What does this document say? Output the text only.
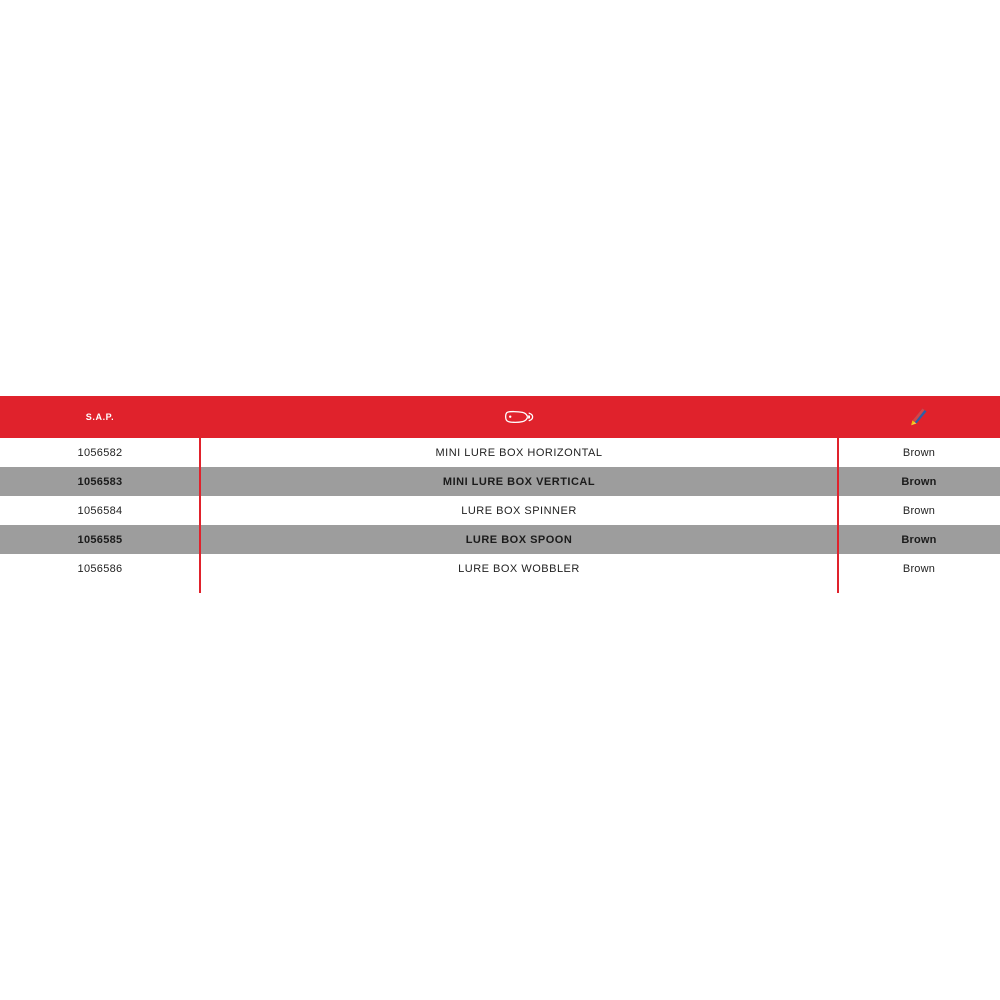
S.A.P.
1056582	MINI LURE BOX HORIZONTAL	Brown
1056583	MINI LURE BOX VERTICAL	Brown
1056584	LURE BOX SPINNER	Brown
1056585	LURE BOX SPOON	Brown
1056586	LURE BOX WOBBLER	Brown
